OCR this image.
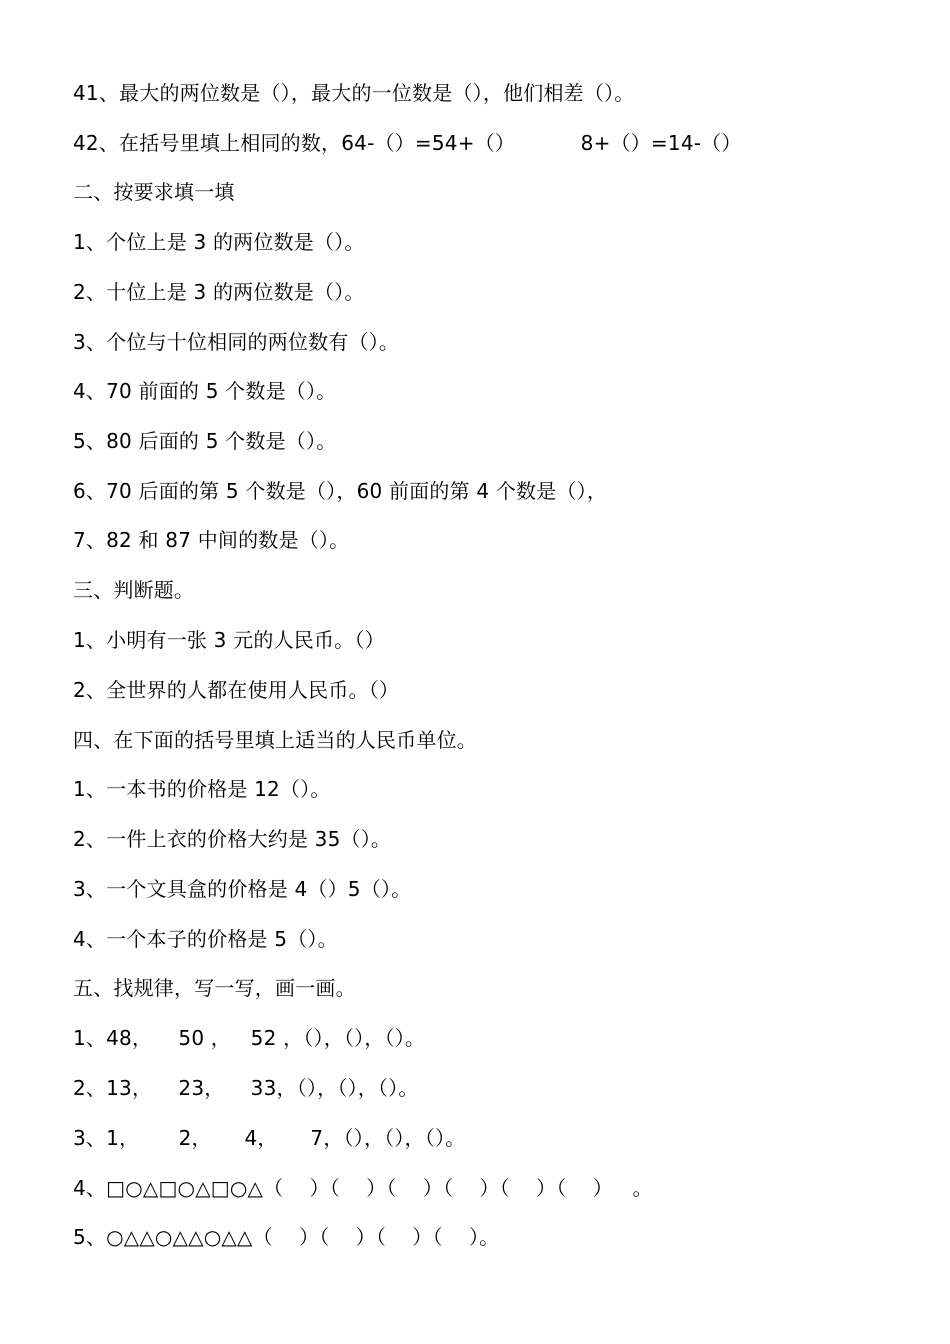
41、最大的两位数是（），最大的一位数是（），他们相差（）。
42、在括号里填上相同的数，64-（）=54+（）          8+（）=14-（）
二、按要求填一填
1、个位上是 3 的两位数是（）。
2、十位上是 3 的两位数是（）。
3、个位与十位相同的两位数有（）。
4、70 前面的 5 个数是（）。
5、80 后面的 5 个数是（）。
6、70 后面的第 5 个数是（），60 前面的第 4 个数是（），
7、82 和 87 中间的数是（）。
三、判断题。
1、小明有一张 3 元的人民币。（）
2、全世界的人都在使用人民币。（）
四、在下面的括号里填上适当的人民币单位。
1、一本书的价格是 12（）。
2、一件上衣的价格大约是 35（）。
3、一个文具盒的价格是 4（）5（）。
4、一个本子的价格是 5（）。
五、找规律，写一写，画一画。
1、48，    50 ，   52 ，（），（），（）。
2、13，    23，    33，（），（），（）。
3、1，      2，     4，     7，（），（），（）。
4、□○△□○△□○△（    ）（    ）（    ）（    ）（    ）（    ）   。
5、○△△○△△○△△（    ）（    ）（    ）（    ）。
